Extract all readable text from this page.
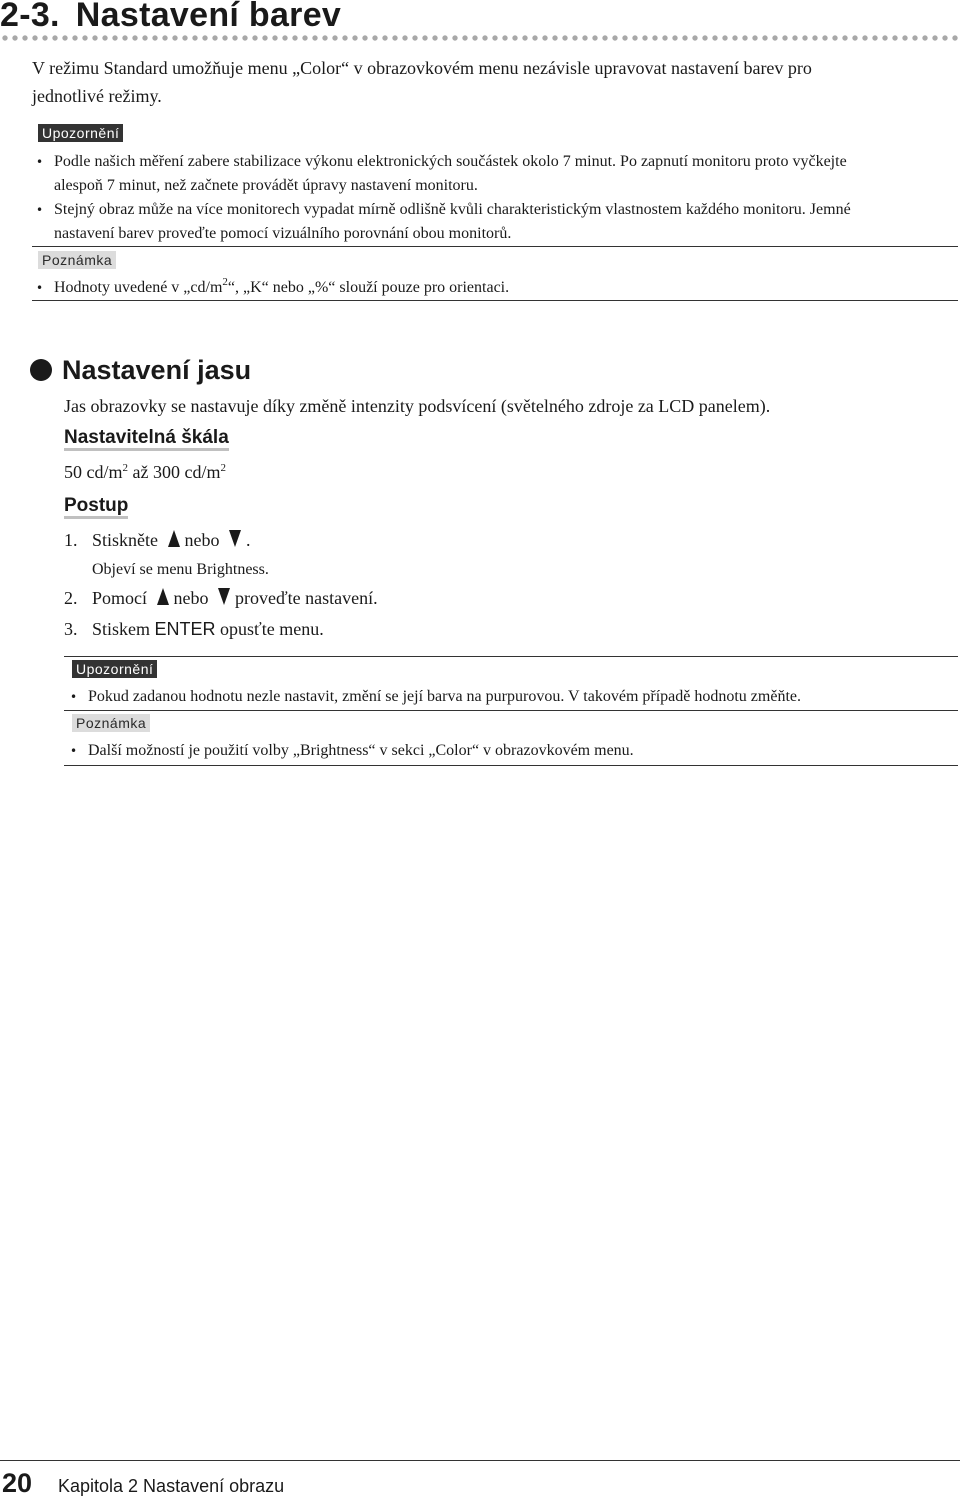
2-3. Nastavení barev

V režimu Standard umožňuje menu „Color“ v obrazovkovém menu nezávisle upravovat nastavení barev pro

jednotlivé režimy.

Upozornění
• Podle našich měření zabere stabilizace výkonu elektronických součástek okolo 7 minut. Po zapnutí monitoru proto vyčkejte
alespoň 7 minut, než začnete provádět úpravy nastavení monitoru.
• Stejný obraz může na více monitorech vypadat mírně odlišně kvůli charakteristickým vlastnostem každého monitoru. Jemné
nastavení barev proveďte pomocí vizuálního porovnání obou monitorů.
Poznámka
• Hodnoty uvedené v $„cd/m^2“$, „K“ nebo „%“ slouží pouze pro orientaci.
Nastavení jasu

Jas obrazovky se nastavuje díky změně intenzity podsvícení (světelného zdroje za LCD panelem).

Nastavitelná škála

50 $cd/m^2$ až 300 $cd/m^2$

Postup
1. Stiskněte nebo .
Objeví se menu Brightness.
2. Pomocí nebo proveďte nastavení.
3. Stiskem ENTER opusťte menu.
Upozornění
• Pokud zadanou hodnotu nezle nastavit, změní se její barva na purpurovou. V takovém případě hodnotu změňte.
Poznámka
• Další možností je použití volby „Brightness“ v sekci „Color“ v obrazovkovém menu.
20 Kapitola 2 Nastavení obrazu
